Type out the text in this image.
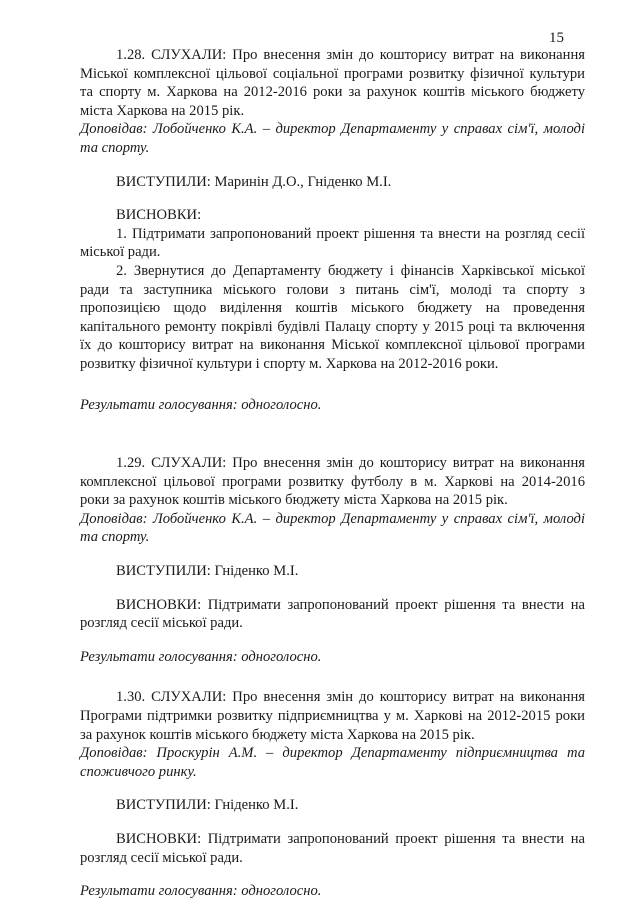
15

1.28. СЛУХАЛИ: Про внесення змін до кошторису витрат на виконання Міської комплексної цільової соціальної програми розвитку фізичної культури та спорту м. Харкова на 2012-2016 роки за рахунок коштів міського бюджету міста Харкова на 2015 рік.

Доповідав: Лобойченко К.А. – директор Департаменту у справах сім'ї, молоді та спорту.

ВИСТУПИЛИ: Маринін Д.О., Гніденко М.І.

ВИСНОВКИ:

1. Підтримати запропонований проект рішення та внести на розгляд сесії міської ради.

2. Звернутися до Департаменту бюджету і фінансів Харківської міської ради та заступника міського голови з питань сім'ї, молоді та спорту з пропозицією щодо виділення коштів міського бюджету на проведення капітального ремонту покрівлі будівлі Палацу спорту у 2015 році та включення їх до кошторису витрат на виконання Міської комплексної цільової програми розвитку фізичної культури і спорту м. Харкова на 2012-2016 роки.

Результати голосування: одноголосно.

1.29. СЛУХАЛИ: Про внесення змін до кошторису витрат на виконання комплексної цільової програми розвитку футболу в м. Харкові на 2014-2016 роки за рахунок коштів міського бюджету міста Харкова на 2015 рік.

Доповідав: Лобойченко К.А. – директор Департаменту у справах сім'ї, молоді та спорту.

ВИСТУПИЛИ: Гніденко М.І.

ВИСНОВКИ: Підтримати запропонований проект рішення та внести на розгляд сесії міської ради.

Результати голосування: одноголосно.

1.30. СЛУХАЛИ: Про внесення змін до кошторису витрат на виконання Програми підтримки розвитку підприємництва у м. Харкові на 2012-2015 роки за рахунок коштів міського бюджету міста Харкова на 2015 рік.

Доповідав: Проскурін А.М. – директор Департаменту підприємництва та споживчого ринку.

ВИСТУПИЛИ: Гніденко М.І.

ВИСНОВКИ: Підтримати запропонований проект рішення та внести на розгляд сесії міської ради.

Результати голосування: одноголосно.
